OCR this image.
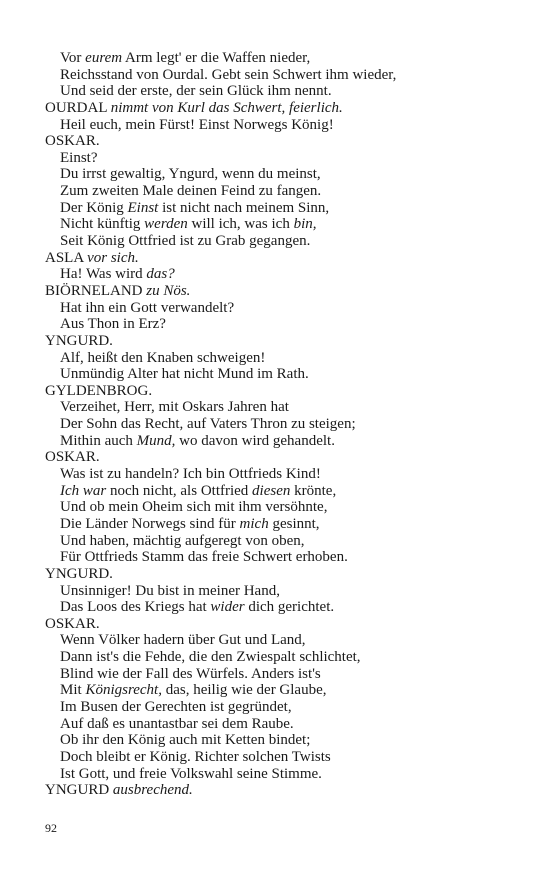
Vor eurem Arm legt' er die Waffen nieder,
Reichsstand von Ourdal. Gebt sein Schwert ihm wieder,
Und seid der erste, der sein Glück ihm nennt.
OURDAL nimmt von Kurl das Schwert, feierlich.
Heil euch, mein Fürst! Einst Norwegs König!
OSKAR.
Einst?
Du irrst gewaltig, Yngurd, wenn du meinst,
Zum zweiten Male deinen Feind zu fangen.
Der König Einst ist nicht nach meinem Sinn,
Nicht künftig werden will ich, was ich bin,
Seit König Ottfried ist zu Grab gegangen.
ASLA vor sich.
Ha! Was wird das?
BIÖRNELAND zu Nös.
Hat ihn ein Gott verwandelt?
Aus Thon in Erz?
YNGURD.
Alf, heißt den Knaben schweigen!
Unmündig Alter hat nicht Mund im Rath.
GYLDENBROG.
Verzeihet, Herr, mit Oskars Jahren hat
Der Sohn das Recht, auf Vaters Thron zu steigen;
Mithin auch Mund, wo davon wird gehandelt.
OSKAR.
Was ist zu handeln? Ich bin Ottfrieds Kind!
Ich war noch nicht, als Ottfried diesen krönte,
Und ob mein Oheim sich mit ihm versöhnte,
Die Länder Norwegs sind für mich gesinnt,
Und haben, mächtig aufgeregt von oben,
Für Ottfrieds Stamm das freie Schwert erhoben.
YNGURD.
Unsinniger! Du bist in meiner Hand,
Das Loos des Kriegs hat wider dich gerichtet.
OSKAR.
Wenn Völker hadern über Gut und Land,
Dann ist's die Fehde, die den Zwiespalt schlichtet,
Blind wie der Fall des Würfels. Anders ist's
Mit Königsrecht, das, heilig wie der Glaube,
Im Busen der Gerechten ist gegründet,
Auf daß es unantastbar sei dem Raube.
Ob ihr den König auch mit Ketten bindet;
Doch bleibt er König. Richter solchen Twists
Ist Gott, und freie Volkswahl seine Stimme.
YNGURD ausbrechend.
92
